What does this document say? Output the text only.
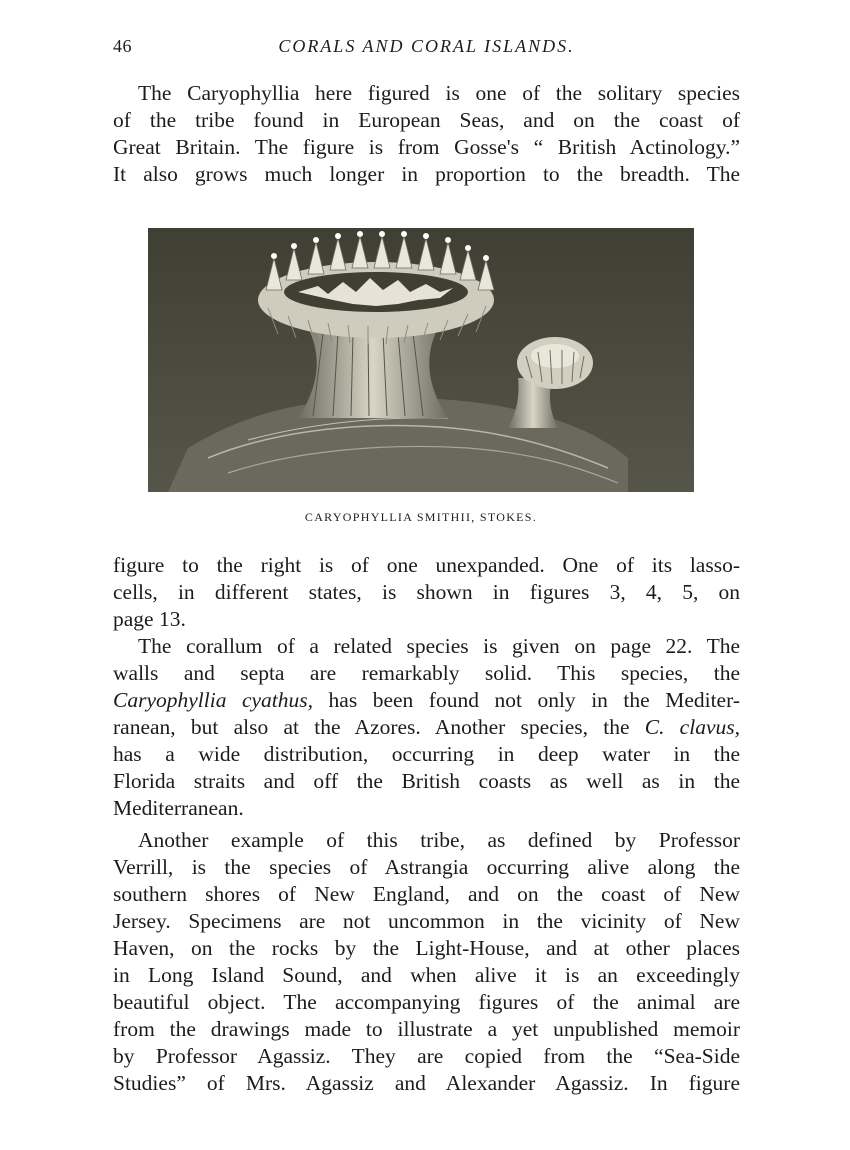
46	CORALS AND CORAL ISLANDS.
The Caryophyllia here figured is one of the solitary species
of the tribe found in European Seas, and on the coast of
Great Britain. The figure is from Gosse's “ British Actinology.”
It also grows much longer in proportion to the breadth. The
CARYOPHYLLIA SMITHII, STOKES.
figure to the right is of one unexpanded. One of its lasso-
cells, in different states, is shown in figures 3, 4, 5, on
page 13.
The corallum of a related species is given on page 22. The
walls and septa are remarkably solid. This species, the
Caryophyllia cyathus, has been found not only in the Mediter-
ranean, but also at the Azores. Another species, the C. clavus,
has a wide distribution, occurring in deep water in the
Florida straits and off the British coasts as well as in the
Mediterranean.
Another example of this tribe, as defined by Professor
Verrill, is the species of Astrangia occurring alive along the
southern shores of New England, and on the coast of New
Jersey. Specimens are not uncommon in the vicinity of New
Haven, on the rocks by the Light-House, and at other places
in Long Island Sound, and when alive it is an exceedingly
beautiful object. The accompanying figures of the animal are
from the drawings made to illustrate a yet unpublished memoir
by Professor Agassiz. They are copied from the “Sea-Side
Studies” of Mrs. Agassiz and Alexander Agassiz. In figure
